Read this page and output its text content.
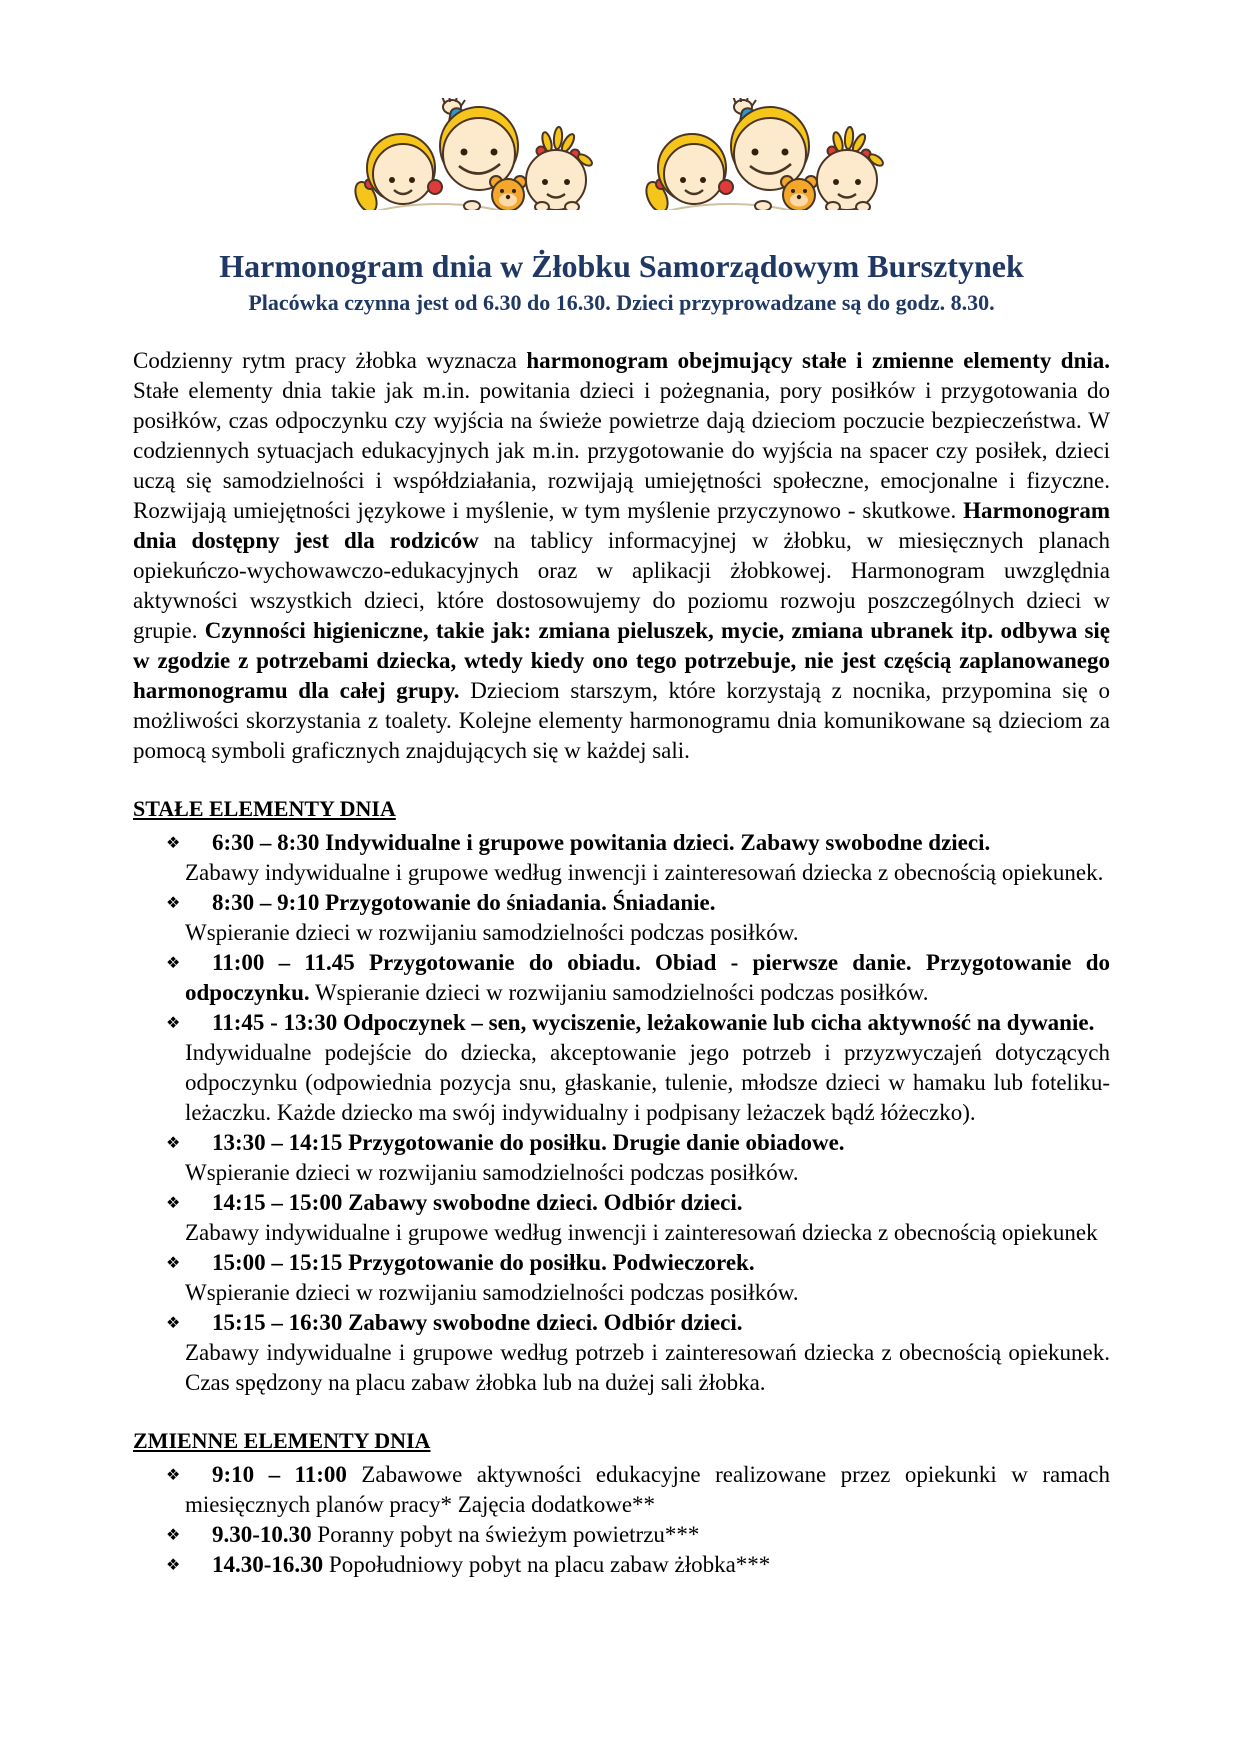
Harmonogram dnia w Żłobku Samorządowym Bursztynek
Placówka czynna jest od 6.30 do 16.30. Dzieci przyprowadzane są do godz. 8.30.

Codzienny rytm pracy żłobka wyznacza harmonogram obejmujący stałe i zmienne elementy dnia. Stałe elementy dnia takie jak m.in. powitania dzieci i pożegnania, pory posiłków i przygotowania do posiłków, czas odpoczynku czy wyjścia na świeże powietrze dają dzieciom poczucie bezpieczeństwa. W codziennych sytuacjach edukacyjnych jak m.in. przygotowanie do wyjścia na spacer czy posiłek, dzieci uczą się samodzielności i współdziałania, rozwijają umiejętności społeczne, emocjonalne i fizyczne. Rozwijają umiejętności językowe i myślenie, w tym myślenie przyczynowo - skutkowe. Harmonogram dnia dostępny jest dla rodziców na tablicy informacyjnej w żłobku, w miesięcznych planach opiekuńczo-wychowawczo-edukacyjnych oraz w aplikacji żłobkowej. Harmonogram uwzględnia aktywności wszystkich dzieci, które dostosowujemy do poziomu rozwoju poszczególnych dzieci w grupie. Czynności higieniczne, takie jak: zmiana pieluszek, mycie, zmiana ubranek itp. odbywa się w zgodzie z potrzebami dziecka, wtedy kiedy ono tego potrzebuje, nie jest częścią zaplanowanego harmonogramu dla całej grupy. Dzieciom starszym, które korzystają z nocnika, przypomina się o możliwości skorzystania z toalety. Kolejne elementy harmonogramu dnia komunikowane są dzieciom za pomocą symboli graficznych znajdujących się w każdej sali.

STAŁE ELEMENTY DNIA
❖ 6:30 – 8:30 Indywidualne i grupowe powitania dzieci. Zabawy swobodne dzieci.
Zabawy indywidualne i grupowe według inwencji i zainteresowań dziecka z obecnością opiekunek.
❖ 8:30 – 9:10 Przygotowanie do śniadania. Śniadanie.
Wspieranie dzieci w rozwijaniu samodzielności podczas posiłków.
❖ 11:00 – 11.45 Przygotowanie do obiadu. Obiad - pierwsze danie. Przygotowanie do odpoczynku. Wspieranie dzieci w rozwijaniu samodzielności podczas posiłków.
❖ 11:45 - 13:30 Odpoczynek – sen, wyciszenie, leżakowanie lub cicha aktywność na dywanie.
Indywidualne podejście do dziecka, akceptowanie jego potrzeb i przyzwyczajeń dotyczących odpoczynku (odpowiednia pozycja snu, głaskanie, tulenie, młodsze dzieci w hamaku lub foteliku-leżaczku. Każde dziecko ma swój indywidualny i podpisany leżaczek bądź łóżeczko).
❖ 13:30 – 14:15 Przygotowanie do posiłku. Drugie danie obiadowe.
Wspieranie dzieci w rozwijaniu samodzielności podczas posiłków.
❖ 14:15 – 15:00 Zabawy swobodne dzieci. Odbiór dzieci.
Zabawy indywidualne i grupowe według inwencji i zainteresowań dziecka z obecnością opiekunek
❖ 15:00 – 15:15 Przygotowanie do posiłku. Podwieczorek.
Wspieranie dzieci w rozwijaniu samodzielności podczas posiłków.
❖ 15:15 – 16:30 Zabawy swobodne dzieci. Odbiór dzieci.
Zabawy indywidualne i grupowe według potrzeb i zainteresowań dziecka z obecnością opiekunek. Czas spędzony na placu zabaw żłobka lub na dużej sali żłobka.
ZMIENNE ELEMENTY DNIA
❖ 9:10 – 11:00 Zabawowe aktywności edukacyjne realizowane przez opiekunki w ramach miesięcznych planów pracy* Zajęcia dodatkowe**
❖ 9.30-10.30 Poranny pobyt na świeżym powietrzu***
❖ 14.30-16.30 Popołudniowy pobyt na placu zabaw żłobka***
